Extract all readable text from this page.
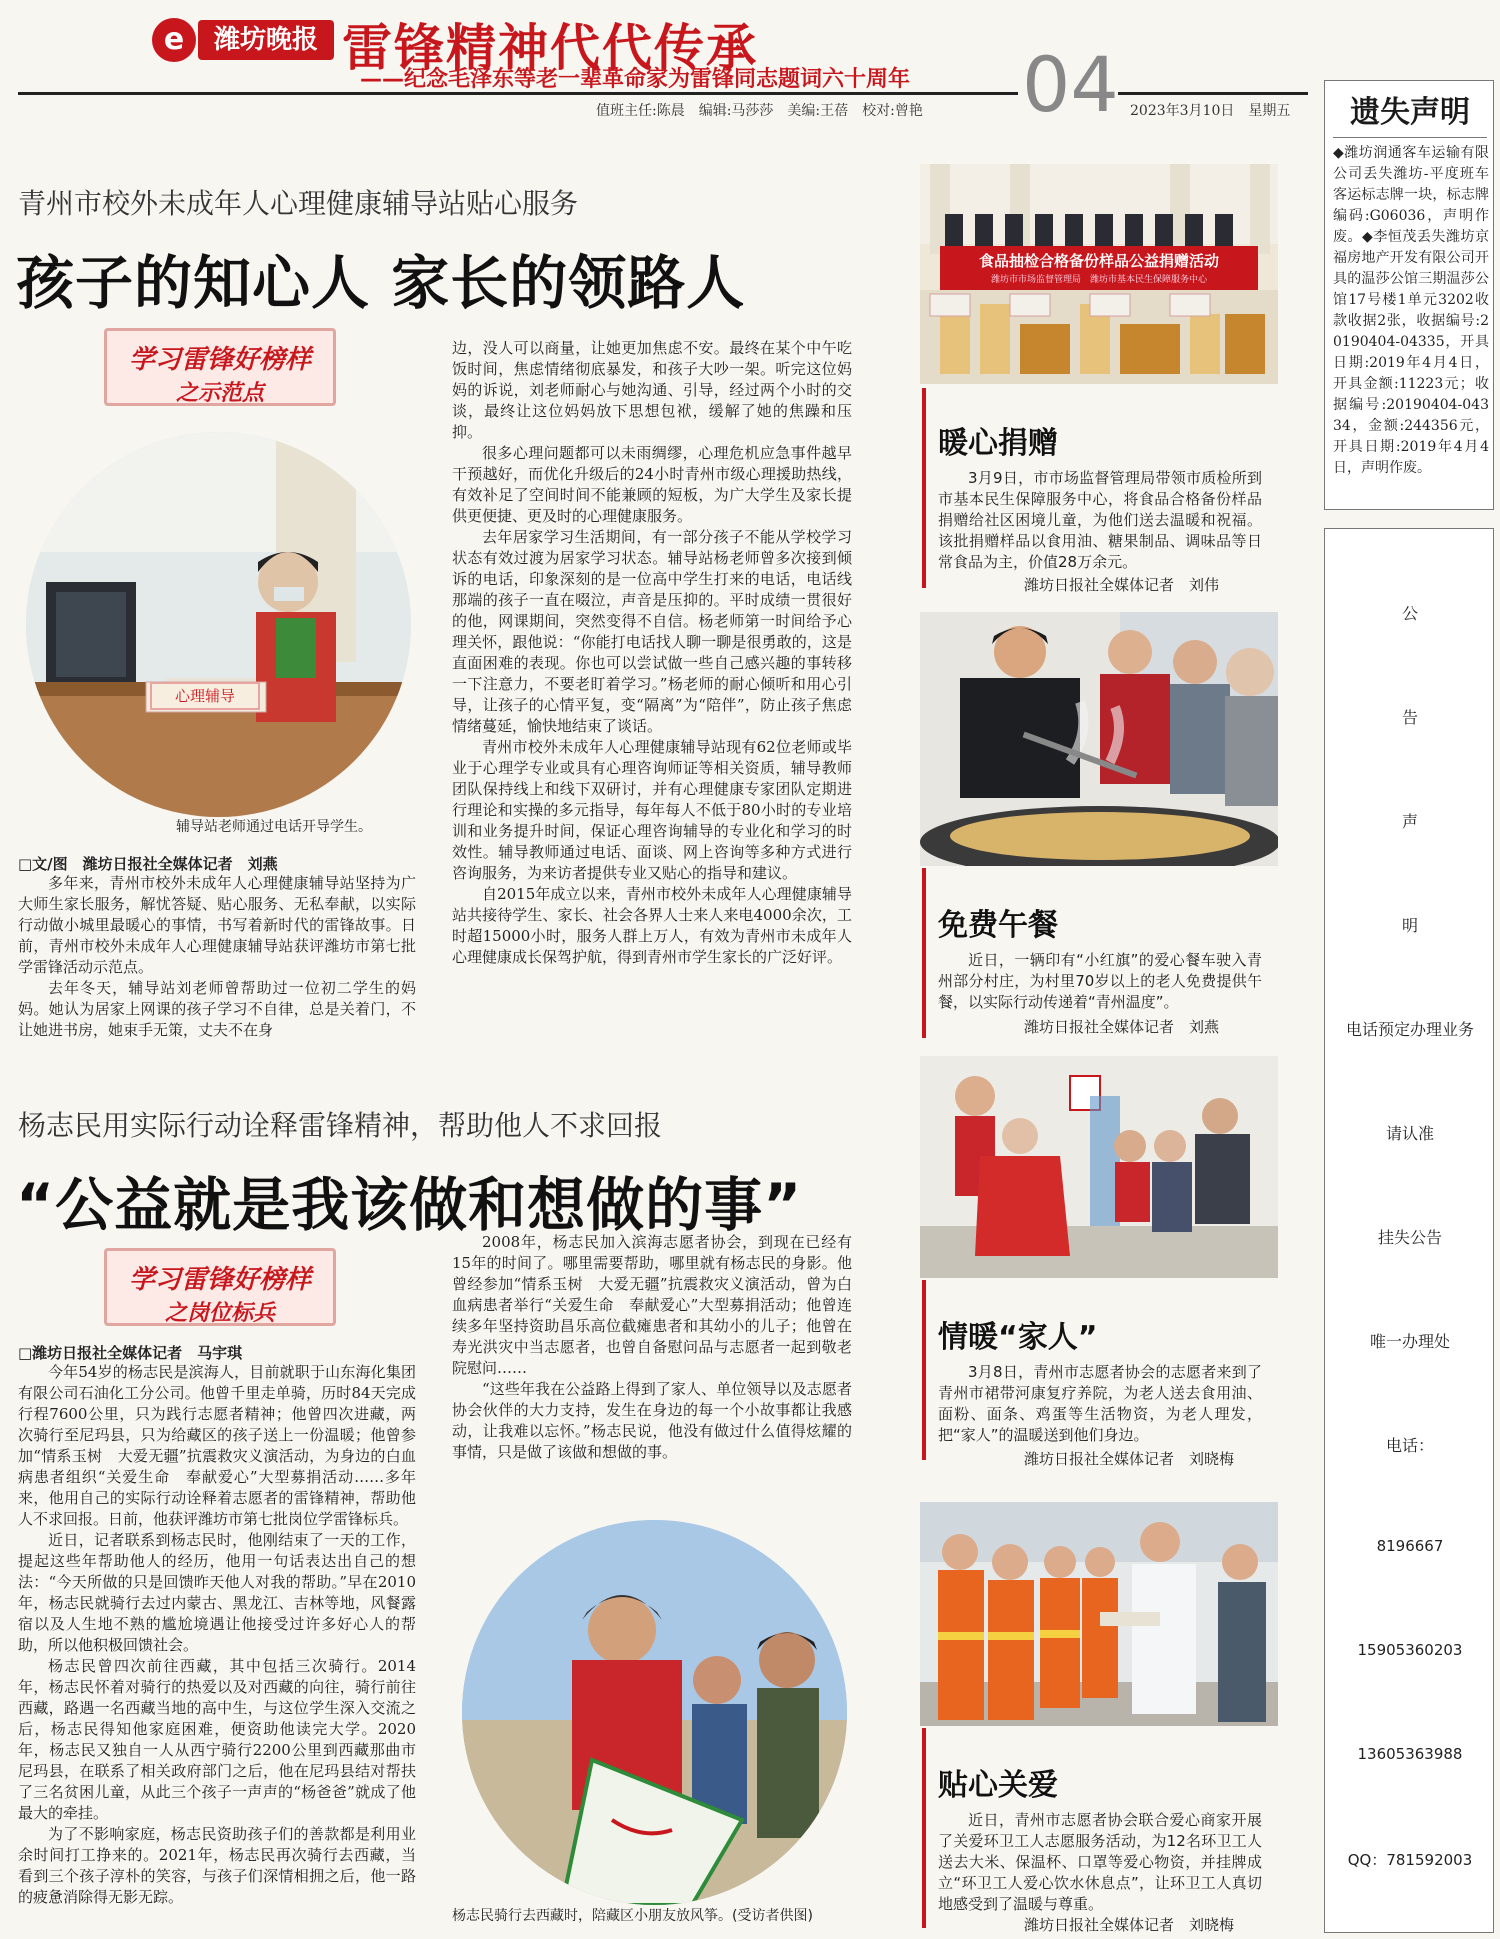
e	潍坊晚报 雷锋精神代代传承
——纪念毛泽东等老一辈革命家为雷锋同志题词六十周年 04
值班主任:陈晨　编辑:马莎莎　美编:王蓓　校对:曾艳	2023年3月10日　星期五
青州市校外未成年人心理健康辅导站贴心服务
孩子的知心人 家长的领路人
学习雷锋好榜样
之示范点
心理辅导
辅导站老师通过电话开导学生。
□文/图　潍坊日报社全媒体记者　刘燕

多年来，青州市校外未成年人心理健康辅导站坚持为广大师生家长服务，解忧答疑、贴心服务、无私奉献，以实际行动做小城里最暖心的事情，书写着新时代的雷锋故事。日前，青州市校外未成年人心理健康辅导站获评潍坊市第七批学雷锋活动示范点。

去年冬天，辅导站刘老师曾帮助过一位初二学生的妈妈。她认为居家上网课的孩子学习不自律，总是关着门，不让她进书房，她束手无策，丈夫不在身

边，没人可以商量，让她更加焦虑不安。最终在某个中午吃饭时间，焦虑情绪彻底暴发，和孩子大吵一架。听完这位妈妈的诉说，刘老师耐心与她沟通、引导，经过两个小时的交谈，最终让这位妈妈放下思想包袱，缓解了她的焦躁和压抑。

很多心理问题都可以未雨绸缪，心理危机应急事件越早干预越好，而优化升级后的24小时青州市级心理援助热线，有效补足了空间时间不能兼顾的短板，为广大学生及家长提供更便捷、更及时的心理健康服务。

去年居家学习生活期间，有一部分孩子不能从学校学习状态有效过渡为居家学习状态。辅导站杨老师曾多次接到倾诉的电话，印象深刻的是一位高中学生打来的电话，电话线那端的孩子一直在啜泣，声音是压抑的。平时成绩一贯很好的他，网课期间，突然变得不自信。杨老师第一时间给予心理关怀，跟他说：“你能打电话找人聊一聊是很勇敢的，这是直面困难的表现。你也可以尝试做一些自己感兴趣的事转移一下注意力，不要老盯着学习。”杨老师的耐心倾听和用心引导，让孩子的心情平复，变“隔离”为“陪伴”，防止孩子焦虑情绪蔓延，愉快地结束了谈话。

青州市校外未成年人心理健康辅导站现有62位老师或毕业于心理学专业或具有心理咨询师证等相关资质，辅导教师团队保持线上和线下双研讨，并有心理健康专家团队定期进行理论和实操的多元指导，每年每人不低于80小时的专业培训和业务提升时间，保证心理咨询辅导的专业化和学习的时效性。辅导教师通过电话、面谈、网上咨询等多种方式进行咨询服务，为来访者提供专业又贴心的指导和建议。

自2015年成立以来，青州市校外未成年人心理健康辅导站共接待学生、家长、社会各界人士来人来电4000余次，工时超15000小时，服务人群上万人，有效为青州市未成年人心理健康成长保驾护航，得到青州市学生家长的广泛好评。

杨志民用实际行动诠释雷锋精神，帮助他人不求回报
“公益就是我该做和想做的事”
学习雷锋好榜样
之岗位标兵
□潍坊日报社全媒体记者　马宇琪

今年54岁的杨志民是滨海人，目前就职于山东海化集团有限公司石油化工分公司。他曾千里走单骑，历时84天完成行程7600公里，只为践行志愿者精神；他曾四次进藏，两次骑行至尼玛县，只为给藏区的孩子送上一份温暖；他曾参加“情系玉树　大爱无疆”抗震救灾义演活动，为身边的白血病患者组织“关爱生命　奉献爱心”大型募捐活动……多年来，他用自己的实际行动诠释着志愿者的雷锋精神，帮助他人不求回报。日前，他获评潍坊市第七批岗位学雷锋标兵。

近日，记者联系到杨志民时，他刚结束了一天的工作，提起这些年帮助他人的经历，他用一句话表达出自己的想法：“今天所做的只是回馈昨天他人对我的帮助。”早在2010年，杨志民就骑行去过内蒙古、黑龙江、吉林等地，风餐露宿以及人生地不熟的尴尬境遇让他接受过许多好心人的帮助，所以他积极回馈社会。

杨志民曾四次前往西藏，其中包括三次骑行。2014年，杨志民怀着对骑行的热爱以及对西藏的向往，骑行前往西藏，路遇一名西藏当地的高中生，与这位学生深入交流之后，杨志民得知他家庭困难，便资助他读完大学。2020年，杨志民又独自一人从西宁骑行2200公里到西藏那曲市尼玛县，在联系了相关政府部门之后，他在尼玛县结对帮扶了三名贫困儿童，从此三个孩子一声声的“杨爸爸”就成了他最大的牵挂。

为了不影响家庭，杨志民资助孩子们的善款都是利用业余时间打工挣来的。2021年，杨志民再次骑行去西藏，当看到三个孩子淳朴的笑容，与孩子们深情相拥之后，他一路的疲惫消除得无影无踪。

2008年，杨志民加入滨海志愿者协会，到现在已经有15年的时间了。哪里需要帮助，哪里就有杨志民的身影。他曾经参加“情系玉树　大爱无疆”抗震救灾义演活动，曾为白血病患者举行“关爱生命　奉献爱心”大型募捐活动；他曾连续多年坚持资助昌乐高位截瘫患者和其幼小的儿子；他曾在寿光洪灾中当志愿者，也曾自备慰问品与志愿者一起到敬老院慰问……

“这些年我在公益路上得到了家人、单位领导以及志愿者协会伙伴的大力支持，发生在身边的每一个小故事都让我感动，让我难以忘怀。”杨志民说，他没有做过什么值得炫耀的事情，只是做了该做和想做的事。

杨志民骑行去西藏时，陪藏区小朋友放风筝。(受访者供图)
食品抽检合格备份样品公益捐赠活动
潍坊市市场监督管理局　潍坊市基本民生保障服务中心
暖心捐赠
3月9日，市市场监督管理局带领市质检所到市基本民生保障服务中心，将食品合格备份样品捐赠给社区困境儿童，为他们送去温暖和祝福。该批捐赠样品以食用油、糖果制品、调味品等日常食品为主，价值28万余元。
潍坊日报社全媒体记者　刘伟
免费午餐
近日，一辆印有“小红旗”的爱心餐车驶入青州部分村庄，为村里70岁以上的老人免费提供午餐，以实际行动传递着“青州温度”。
潍坊日报社全媒体记者　刘燕
情暖“家人”
3月8日，青州市志愿者协会的志愿者来到了青州市裙带河康复疗养院，为老人送去食用油、面粉、面条、鸡蛋等生活物资，为老人理发，把“家人”的温暖送到他们身边。
潍坊日报社全媒体记者　刘晓梅
贴心关爱
近日，青州市志愿者协会联合爱心商家开展了关爱环卫工人志愿服务活动，为12名环卫工人送去大米、保温杯、口罩等爱心物资，并挂牌成立“环卫工人爱心饮水休息点”，让环卫工人真切地感受到了温暖与尊重。
潍坊日报社全媒体记者　刘晓梅
遗失声明
◆潍坊润通客车运输有限公司丢失潍坊-平度班车客运标志牌一块，标志牌编码:G06036，声明作废。◆李恒茂丢失潍坊京福房地产开发有限公司开具的温莎公馆三期温莎公馆17号楼1单元3202收款收据2张，收据编号:20190404-04335，开具日期:2019年4月4日，开具金额:11223元；收据编号:20190404-04334，金额:244356元，开具日期:2019年4月4日，声明作废。
公
告
声
明
电话预定办理业务
请认准
挂失公告
唯一办理处
电话：
8196667
15905360203
13605363988
QQ：781592003
